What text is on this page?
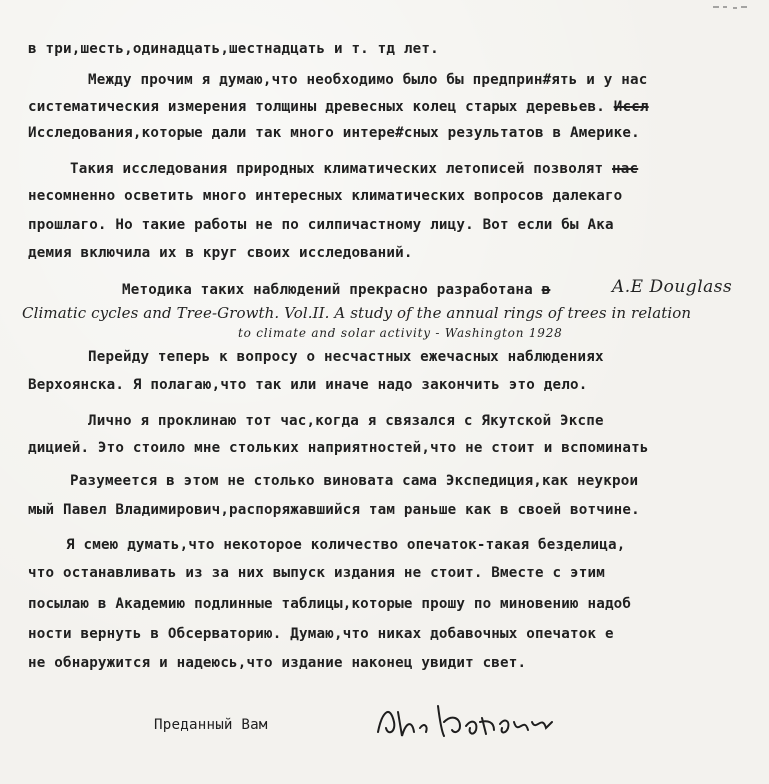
в три,шесть,одинадцать,шестнадцать и т. тд лет.
Между прочим я думаю,что необходимо было бы предприн#ять и у нас
систематическия измерения толщины древесных колец старых деревьев. Иссл
Исследования,которые дали так много интере#сных результатов в Америке.
Такия исследования природных климатических летописей позволят нас
несомненно осветить много интересных климатических вопросов далекаго
прошлаго. Но такие работы не по силпичастному лицу. Вот если бы Ака
демия включила их в круг своих исследований.
Методика таких наблюдений прекрасно разработана в	A.E Douglass
Climatic cycles and Tree-Growth. Vol.II. A study of the annual rings of trees in relation
to climate and solar activity - Washington 1928
Перейду теперь к вопросу о несчастных ежечасных наблюдениях
Верхоянска. Я полагаю,что так или иначе надо закончить это дело.
Лично я проклинаю тот час,когда я связался с Якутской Экспе
дицией. Это стоило мне стольких наприятностей,что не стоит и вспоминать
Разумеется в этом не столько виновата сама Экспедиция,как неукрои
мый Павел Владимирович,распоряжавшийся там раньше как в своей вотчине.
Я смею думать,что некоторое количество опечаток-такая безделица,
что останавливать из за них выпуск издания не стоит. Вместе с этим
посылаю в Академию подлинные таблицы,которые прошу по миновению надоб
ности вернуть в Обсерваторию. Думаю,что никах добавочных опечаток е
не обнаружится и надеюсь,что издание наконец увидит свет.
Преданный Вам
